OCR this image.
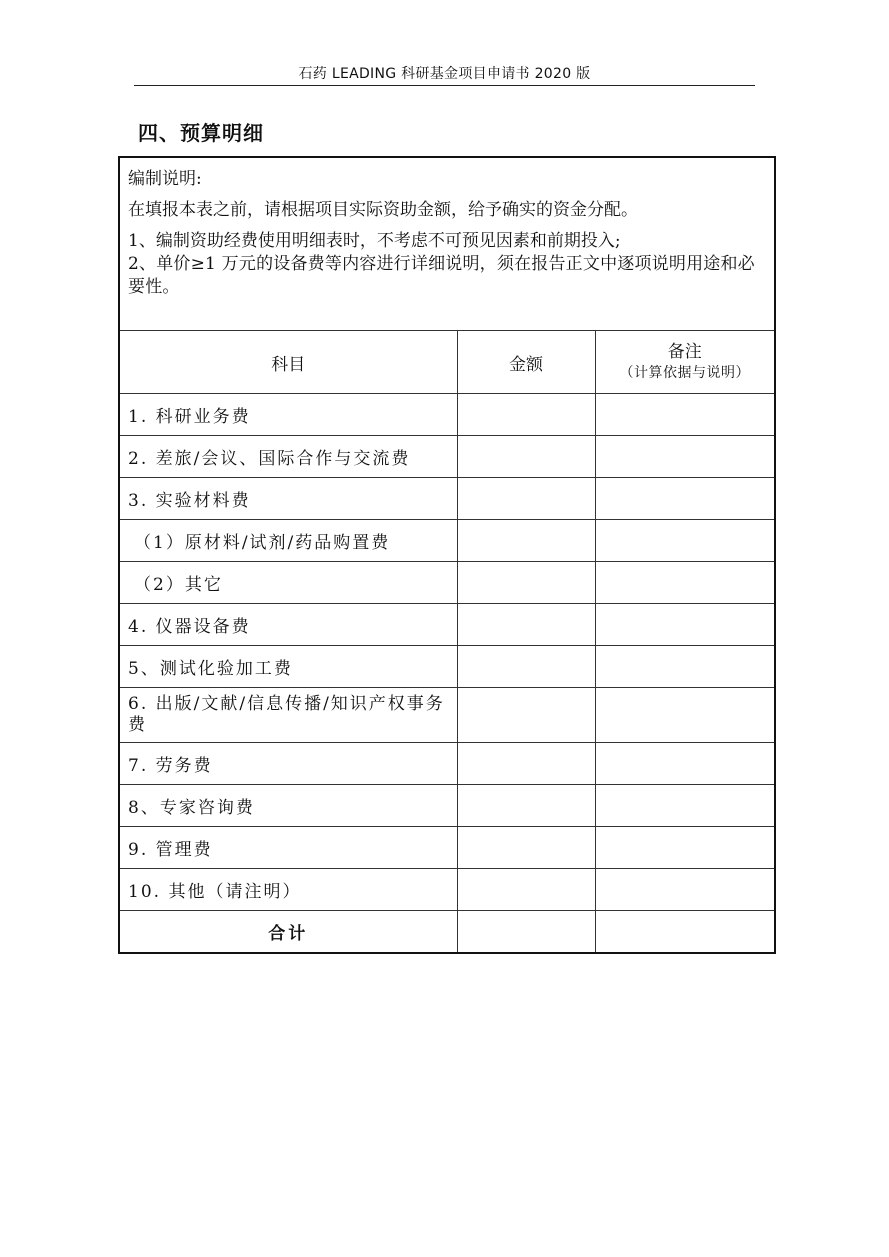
石药 LEADING 科研基金项目申请书 2020 版
四、预算明细
编制说明:
在填报本表之前，请根据项目实际资助金额，给予确实的资金分配。
1、编制资助经费使用明细表时，不考虑不可预见因素和前期投入;
2、单价≥1 万元的设备费等内容进行详细说明，须在报告正文中逐项说明用途和必要性。		

科目	金额	备注
（计算依据与说明）

1. 科研业务费		
2. 差旅/会议、国际合作与交流费		
3. 实验材料费		
（1）原材料/试剂/药品购置费		
（2）其它		
4. 仪器设备费		
5、测试化验加工费		
6. 出版/文献/信息传播/知识产权事务费		
7. 劳务费		
8、专家咨询费		
9. 管理费		
10. 其他（请注明）		
合计		
